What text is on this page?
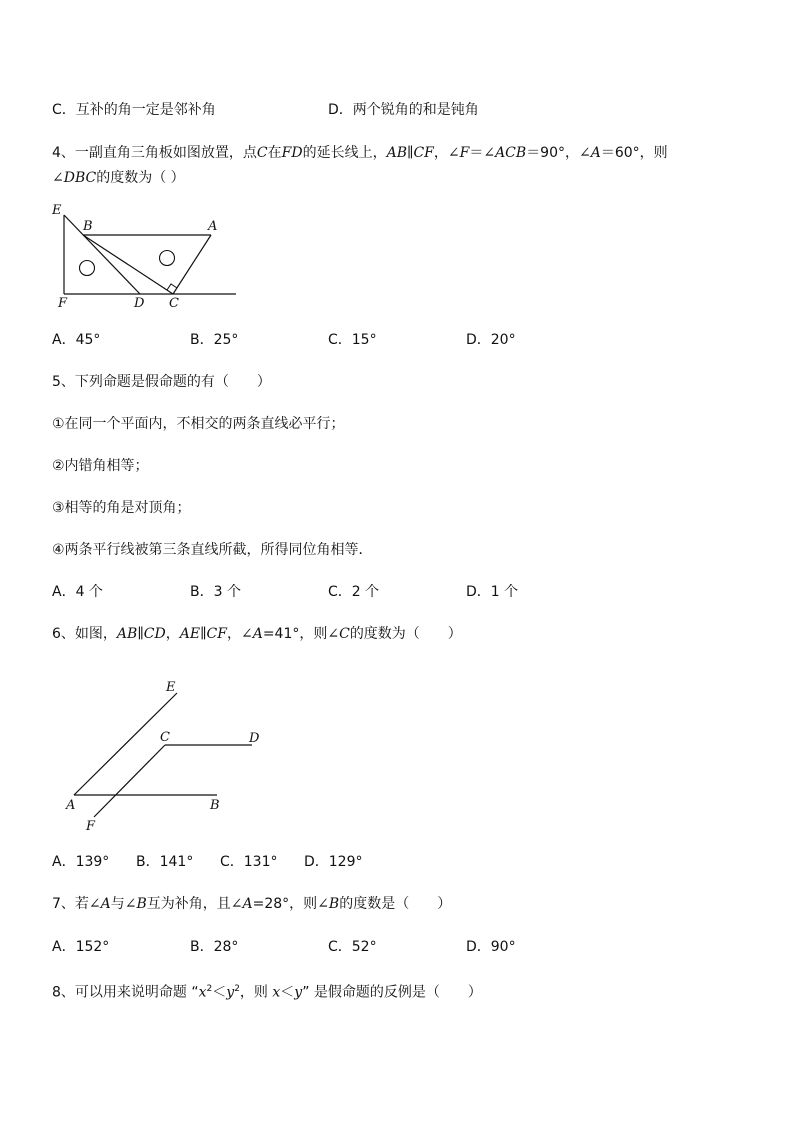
C．互补的角一定是邻补角	D．两个锐角的和是钝角
4、一副直角三角板如图放置，点C在FD的延长线上，AB∥CF，∠F＝∠ACB＝90°，∠A＝60°，则
∠DBC的度数为（ ）
E
B	A
F	D C
A．45°	B．25°	C．15°	D．20°
5、下列命题是假命题的有（　　）
①在同一个平面内，不相交的两条直线必平行；
②内错角相等；
③相等的角是对顶角；
④两条平行线被第三条直线所截，所得同位角相等．
A．4 个	B．3 个	C．2 个	D．1 个
6、如图，AB∥CD，AE∥CF，∠A=41°，则∠C的度数为（　　）
E
C	D
A	B
F
A．139° B．141° C．131° D．129°
7、若∠A与∠B互为补角，且∠A=28°，则∠B的度数是（　　）
A．152°	B．28°	C．52°	D．90°
8、可以用来说明命题 “$x^2<y^2$，则 x＜y” 是假命题的反例是（　　）
